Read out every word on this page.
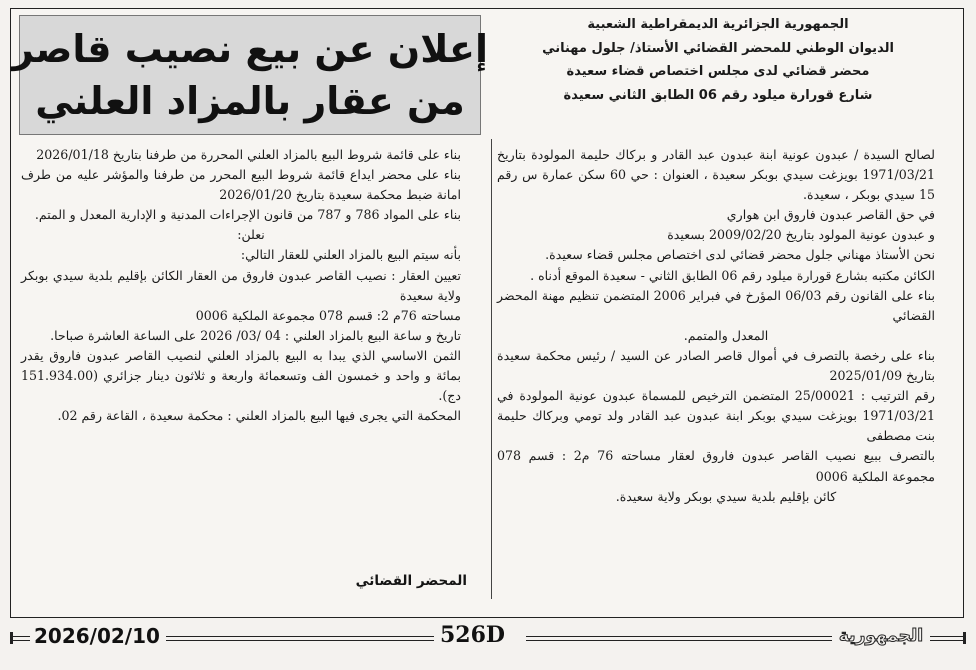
الجمهورية الجزائرية الديمقراطية الشعبية
الديوان الوطني للمحضر القضائي الأستاذ/ جلول مهناني
محضر قضائي لدى مجلس اختصاص قضاء سعيدة
شارع قورارة ميلود رقم 06 الطابق الثاني سعيدة
إعلان عن بيع نصيب قاصر
من عقار بالمزاد العلني

لصالح السيدة / عبدون عونية ابنة عبدون عبد القادر و بركاك حليمة المولودة بتاريخ 1971/03/21 بويزغت سيدي بوبكر سعيدة ، العنوان : حي 60 سكن عمارة س رقم 15 سيدي بوبكر ، سعيدة.

في حق القاصر عبدون فاروق ابن هواري

و عبدون عونية المولود بتاريخ 2009/02/20 بسعيدة

نحن الأستاذ مهناني جلول محضر قضائي لدى اختصاص مجلس قضاء سعيدة.

الكائن مكتبه بشارع قورارة ميلود رقم 06 الطابق الثاني - سعيدة الموقع أدناه .

بناء على القانون رقم 06/03 المؤرخ في فبراير 2006 المتضمن تنظيم مهنة المحضر القضائي

المعدل والمتمم.

بناء على رخصة بالتصرف في أموال قاصر الصادر عن السيد / رئيس محكمة سعيدة بتاريخ 2025/01/09

رقم الترتيب : 25/00021 المتضمن الترخيص للمسماة عبدون عونية المولودة في 1971/03/21 بويزغت سيدي بوبكر ابنة عبدون عبد القادر ولد تومي وبركاك حليمة بنت مصطفى

بالتصرف ببيع نصيب القاصر عبدون فاروق لعقار مساحته 76 م2 : قسم 078 مجموعة الملكية 0006

كائن بإقليم بلدية سيدي بوبكر ولاية سعيدة.

بناء على قائمة شروط البيع بالمزاد العلني المحررة من طرفنا بتاريخ 2026/01/18

بناء على محضر ايداع قائمة شروط البيع المحرر من طرفنا والمؤشر عليه من طرف امانة ضبط محكمة سعيدة بتاريخ 2026/01/20

بناء على المواد 786 و 787 من قانون الإجراءات المدنية و الإدارية المعدل و المتم.

نعلن:

بأنه سيتم البيع بالمزاد العلني للعقار التالي:

تعيين العقار : نصيب القاصر عبدون فاروق من العقار الكائن بإقليم بلدية سيدي بوبكر ولاية سعيدة

مساحته 76م 2: قسم 078 مجموعة الملكية 0006

تاريخ و ساعة البيع بالمزاد العلني : 04 /03/ 2026 على الساعة العاشرة صباحا.

الثمن الاساسي الذي يبدا به البيع بالمزاد العلني لنصيب القاصر عبدون فاروق يقدر بمائة و واحد و خمسون الف وتسعمائة واربعة و ثلاثون دينار جزائري (151.934.00 دج).

المحكمة التي يجرى فيها البيع بالمزاد العلني : محكمة سعيدة ، القاعة رقم 02.

المحضر القضائي
2026/02/10	526D	الجمهورية
